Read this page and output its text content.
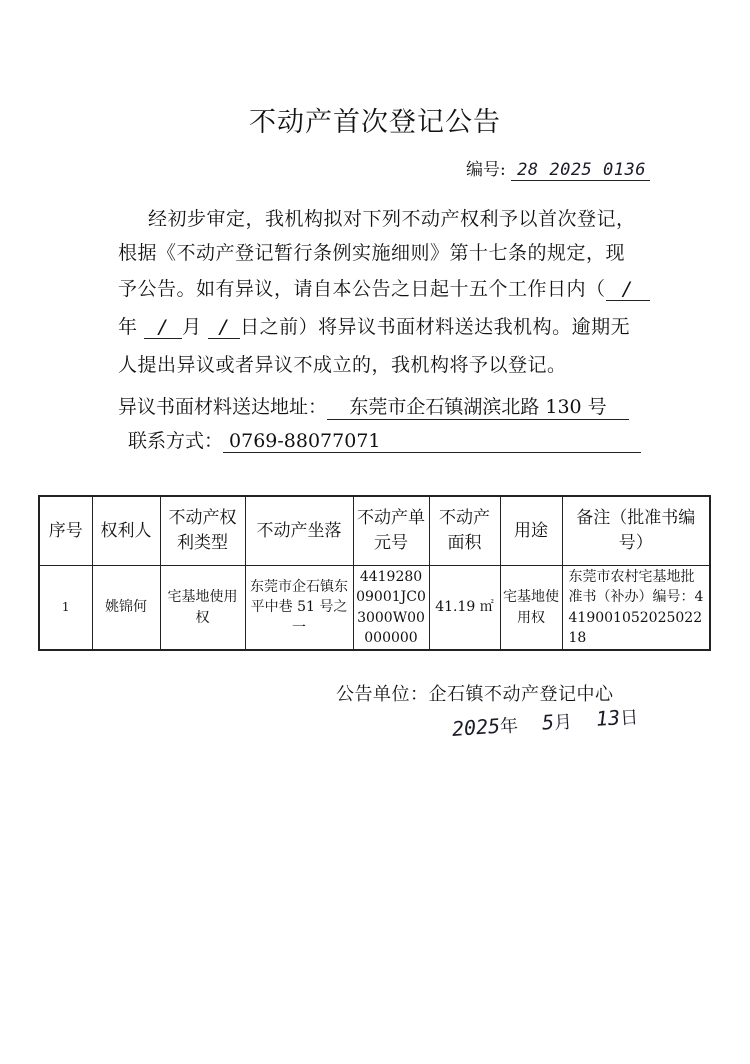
不动产首次登记公告
编号: 28 2025 0136
经初步审定，我机构拟对下列不动产权利予以首次登记，
根据《不动产登记暂行条例实施细则》第十七条的规定，现
予公告。如有异议，请自本公告之日起十五个工作日内（ /
年 / 月 / 日之前）将异议书面材料送达我机构。逾期无
人提出异议或者异议不成立的，我机构将予以登记。
异议书面材料送达地址： 东莞市企石镇湖滨北路 130 号
联系方式： 0769-88077071
序号	权利人	不动产权利类型	不动产坐落	不动产单元号	不动产面积	用途	备注（批准书编号）
1	姚锦何	宅基地使用权	东莞市企石镇东平中巷 51 号之一	441928009001JC03000W00000000	41.19 ㎡	宅基地使用权	东莞市农村宅基地批准书（补办）编号：441900105202502218
公告单位：企石镇不动产登记中心
2025年 5月 13日
